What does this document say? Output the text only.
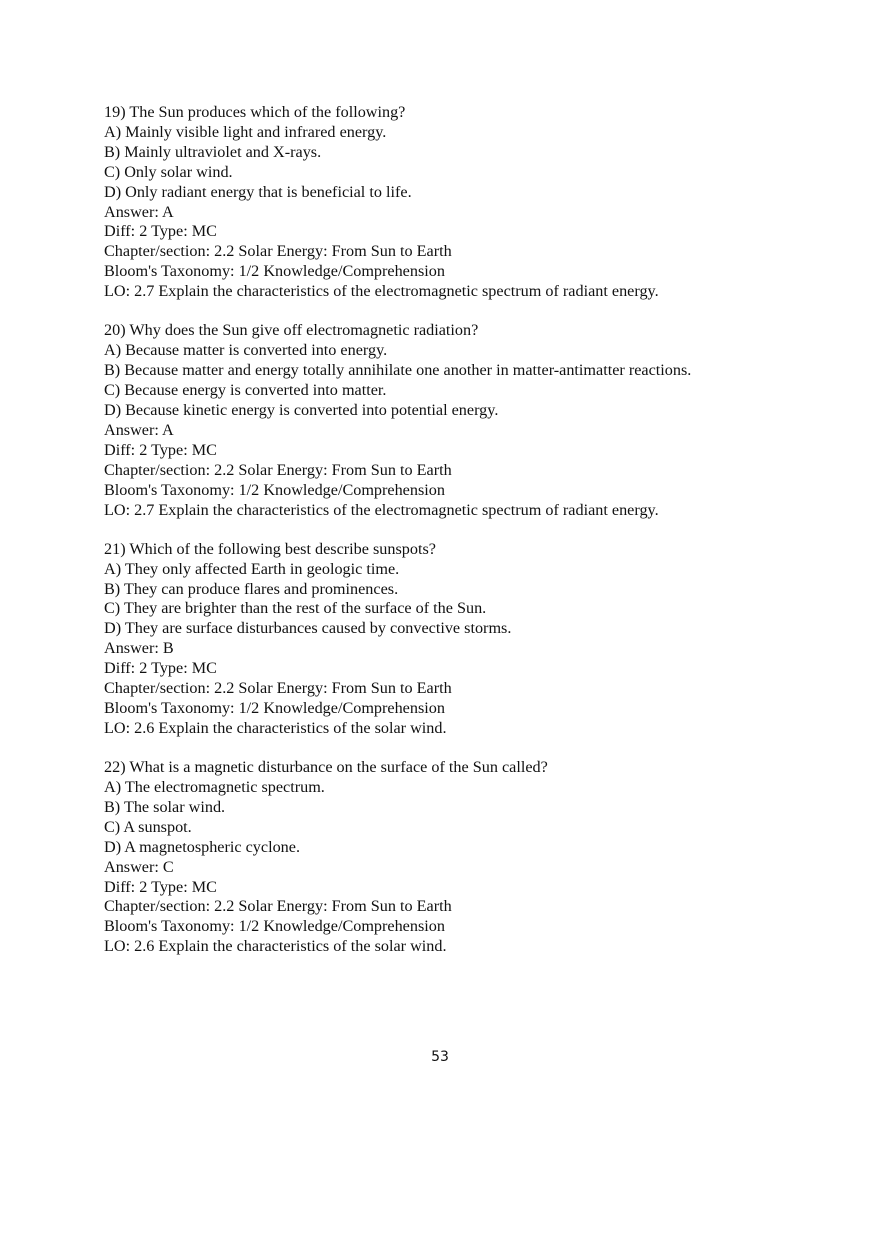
19) The Sun produces which of the following?
A) Mainly visible light and infrared energy.
B) Mainly ultraviolet and X-rays.
C) Only solar wind.
D) Only radiant energy that is beneficial to life.
Answer: A
Diff: 2 Type: MC
Chapter/section: 2.2 Solar Energy: From Sun to Earth
Bloom's Taxonomy: 1/2 Knowledge/Comprehension
LO: 2.7 Explain the characteristics of the electromagnetic spectrum of radiant energy.
20) Why does the Sun give off electromagnetic radiation?
A) Because matter is converted into energy.
B) Because matter and energy totally annihilate one another in matter-antimatter reactions.
C) Because energy is converted into matter.
D) Because kinetic energy is converted into potential energy.
Answer: A
Diff: 2 Type: MC
Chapter/section: 2.2 Solar Energy: From Sun to Earth
Bloom's Taxonomy: 1/2 Knowledge/Comprehension
LO: 2.7 Explain the characteristics of the electromagnetic spectrum of radiant energy.
21) Which of the following best describe sunspots?
A) They only affected Earth in geologic time.
B) They can produce flares and prominences.
C) They are brighter than the rest of the surface of the Sun.
D) They are surface disturbances caused by convective storms.
Answer: B
Diff: 2 Type: MC
Chapter/section: 2.2 Solar Energy: From Sun to Earth
Bloom's Taxonomy: 1/2 Knowledge/Comprehension
LO: 2.6 Explain the characteristics of the solar wind.
22) What is a magnetic disturbance on the surface of the Sun called?
A) The electromagnetic spectrum.
B) The solar wind.
C) A sunspot.
D) A magnetospheric cyclone.
Answer: C
Diff: 2 Type: MC
Chapter/section: 2.2 Solar Energy: From Sun to Earth
Bloom's Taxonomy: 1/2 Knowledge/Comprehension
LO: 2.6 Explain the characteristics of the solar wind.
53
